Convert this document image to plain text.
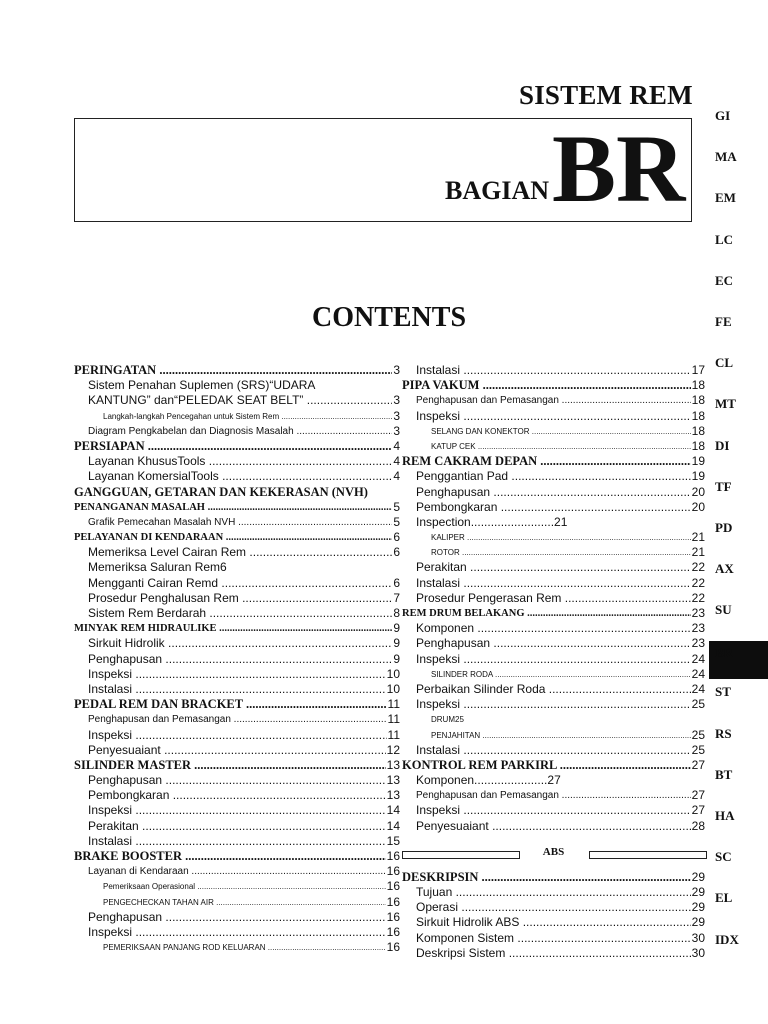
SISTEM REM
BAGIAN BR
CONTENTS
PERINGATAN .....	3
Sistem Penahan Suplemen (SRS)“UDARA
KANTUNG” dan“PELEDAK SEAT BELT” .....	3
Langkah-langkah Pencegahan untuk Sistem Rem .....	3
Diagram Pengkabelan dan Diagnosis Masalah .....	3
PERSIAPAN .....	4
Layanan KhususTools .....	4
Layanan KomersialTools .....	4
GANGGUAN, GETARAN DAN KEKERASAN (NVH)
PENANGANAN MASALAH .....	5
Grafik Pemecahan Masalah NVH .....	5
PELAYANAN DI KENDARAAN .....	6
Memeriksa Level Cairan Rem .....	6
Memeriksa Saluran Rem6
Mengganti Cairan Remd .....	6
Prosedur Penghalusan Rem .....	7
Sistem Rem Berdarah .....	8
MINYAK REM HIDRAULIKE .....	9
Sirkuit Hidrolik .....	9
Penghapusan .....	9
Inspeksi .....	10
Instalasi .....	10
PEDAL REM DAN BRACKET .....	11
Penghapusan dan Pemasangan .....	11
Inspeksi .....	11
Penyesuaiant .....	12
SILINDER MASTER .....	13
Penghapusan .....	13
Pembongkaran .....	13
Inspeksi .....	14
Perakitan .....	14
Instalasi .....	15
BRAKE BOOSTER .....	16
Layanan di Kendaraan .....	16
Pemeriksaan Operasional .....	16
PENGECHECKAN TAHAN AIR .....	16
Penghapusan .....	16
Inspeksi .....	16
PEMERIKSAAN PANJANG ROD KELUARAN .....	16
Instalasi .....	17
PIPA VAKUM .....	18
Penghapusan dan Pemasangan .....	18
Inspeksi .....	18
SELANG DAN KONEKTOR .....	18
KATUP CEK .....	18
REM CAKRAM DEPAN .....	19
Penggantian Pad .....	19
Penghapusan .....	20
Pembongkaran .....	20
Inspection.........................21
KALIPER .....	21
ROTOR .....	21
Perakitan .....	22
Instalasi .....	22
Prosedur Pengerasan Rem .....	22
REM DRUM BELAKANG .....	23
Komponen .....	23
Penghapusan .....	23
Inspeksi .....	24
SILINDER RODA .....	24
Perbaikan Silinder Roda .....	24
Inspeksi .....	25
DRUM25
PENJAHITAN .....	25
Instalasi .....	25
KONTROL REM PARKIRL .....	27
Komponen......................27
Penghapusan dan Pemasangan .....	27
Inspeksi .....	27
Penyesuaiant .....	28
ABS
DESKRIPSIN .....	29
Tujuan .....	29
Operasi .....	29
Sirkuit Hidrolik ABS .....	29
Komponen Sistem .....	30
Deskripsi Sistem .....	30
GI
MA
EM
LC
EC
FE
CL
MT
DI
TF
PD
AX
SU
BR
ST
RS
BT
HA
SC
EL
IDX
